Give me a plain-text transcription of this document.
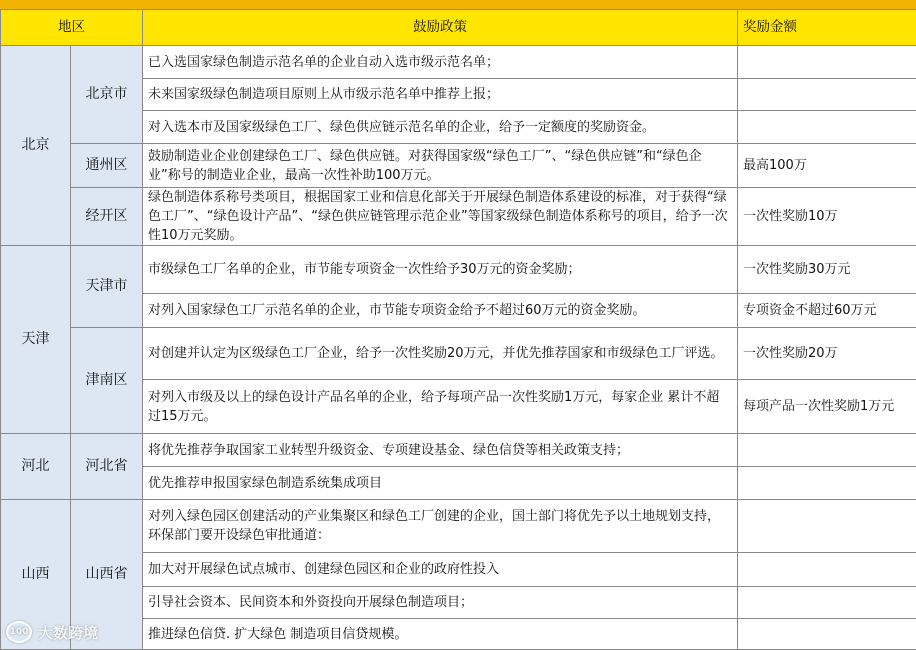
地区		鼓励政策	奖励金额
北京	北京市	已入选国家绿色制造示范名单的企业自动入选市级示范名单；	
		未来国家级绿色制造项目原则上从市级示范名单中推荐上报；	
		对入选本市及国家级绿色工厂、绿色供应链示范名单的企业，给予一定额度的奖励资金。	
	通州区	鼓励制造业企业创建绿色工厂、绿色供应链。对获得国家级“绿色工厂”、“绿色供应链”和“绿色企业”称号的制造业企业，最高一次性补助100万元。	最高100万
	经开区	绿色制造体系称号类项目，根据国家工业和信息化部关于开展绿色制造体系建设的标准，对于获得“绿色工厂”、“绿色设计产品”、“绿色供应链管理示范企业”等国家级绿色制造体系称号的项目，给予一次性10万元奖励。	一次性奖励10万
天津	天津市	市级绿色工厂名单的企业，市节能专项资金一次性给予30万元的资金奖励；	一次性奖励30万元
		对列入国家绿色工厂示范名单的企业，市节能专项资金给予不超过60万元的资金奖励。	专项资金不超过60万元
	津南区	对创建并认定为区级绿色工厂企业，给予一次性奖励20万元，并优先推荐国家和市级绿色工厂评选。	一次性奖励20万
		对列入市级及以上的绿色设计产品名单的企业，给予每项产品一次性奖励1万元，每家企业 累计不超过15万元。	每项产品一次性奖励1万元
河北	河北省	将优先推荐争取国家工业转型升级资金、专项建设基金、绿色信贷等相关政策支持；	
		优先推荐申报国家绿色制造系统集成项目	
山西	山西省	对列入绿色园区创建活动的产业集聚区和绿色工厂创建的企业，国土部门将优先予以土地规划支持，环保部门要开设绿色审批通道：	
		加大对开展绿色试点城市、创建绿色园区和企业的政府性投入	
		引导社会资本、民间资本和外资投向开展绿色制造项目；	
		推进绿色信贷. 扩大绿色 制造项目信贷规模。	
100 大数跨境
